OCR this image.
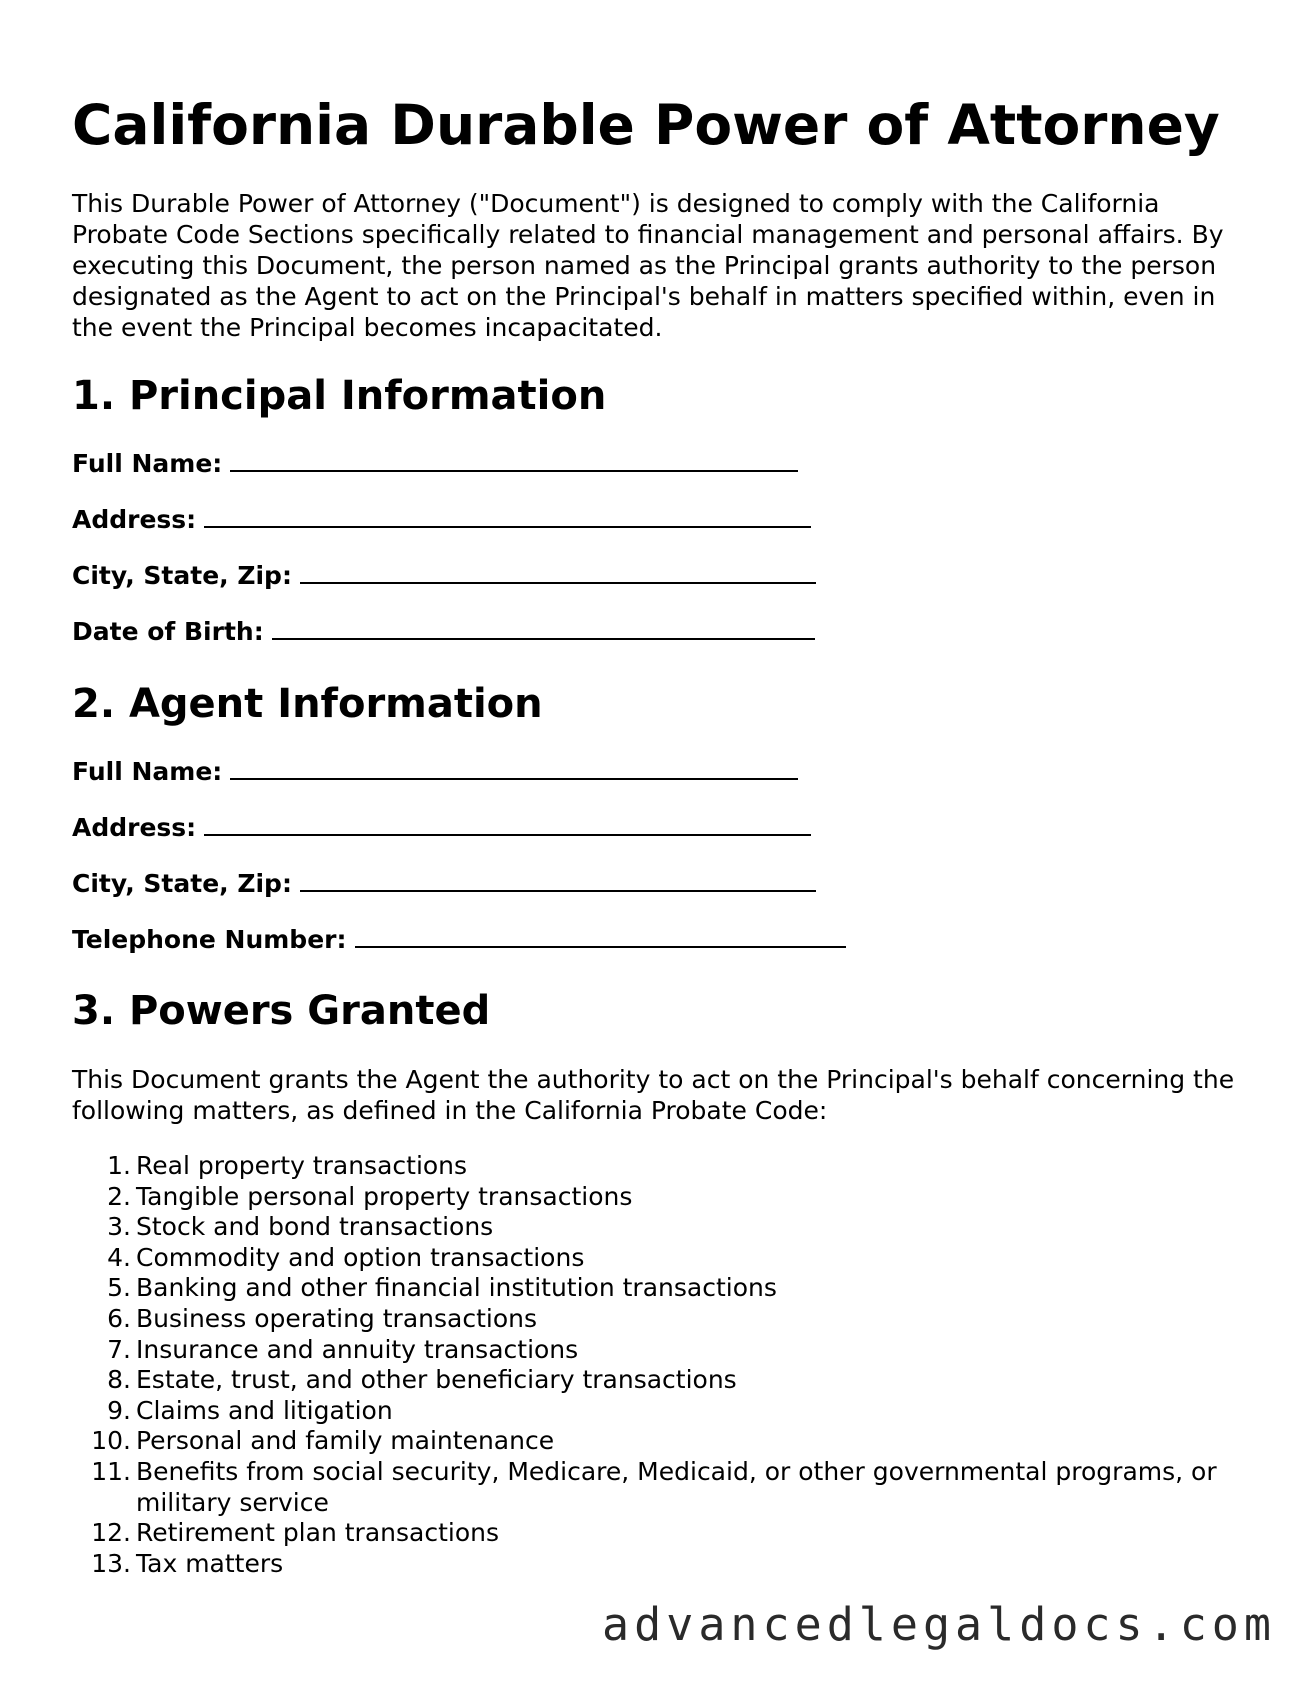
California Durable Power of Attorney

This Durable Power of Attorney ("Document") is designed to comply with the California Probate Code Sections specifically related to financial management and personal affairs. By executing this Document, the person named as the Principal grants authority to the person designated as the Agent to act on the Principal's behalf in matters specified within, even in the event the Principal becomes incapacitated.

1. Principal Information
Full Name:
Address:
City, State, Zip:
Date of Birth:
2. Agent Information
Full Name:
Address:
City, State, Zip:
Telephone Number:
3. Powers Granted

This Document grants the Agent the authority to act on the Principal's behalf concerning the following matters, as defined in the California Probate Code:

1. Real property transactions
2. Tangible personal property transactions
3. Stock and bond transactions
4. Commodity and option transactions
5. Banking and other financial institution transactions
6. Business operating transactions
7. Insurance and annuity transactions
8. Estate, trust, and other beneficiary transactions
9. Claims and litigation
10. Personal and family maintenance
11. Benefits from social security, Medicare, Medicaid, or other governmental programs, or military service
12. Retirement plan transactions
13. Tax matters
advancedlegaldocs.com
